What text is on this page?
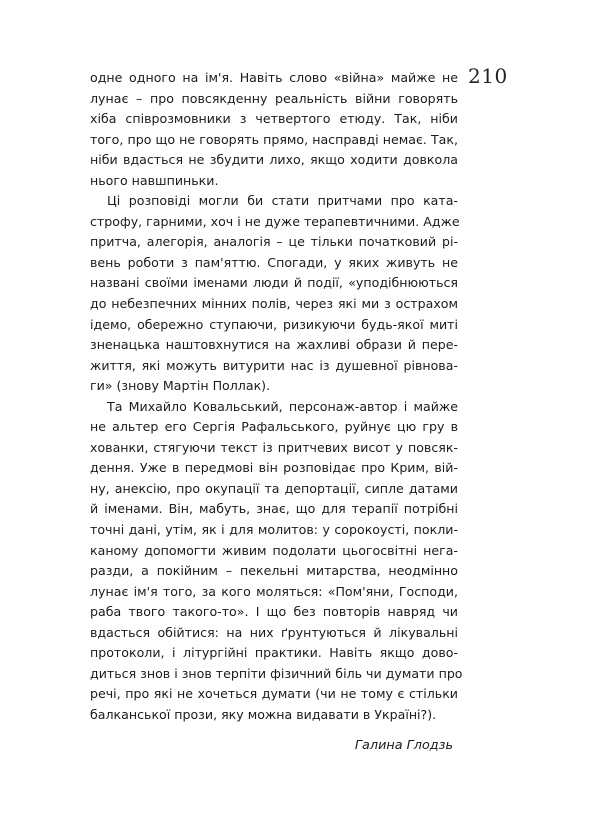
210
одне одного на ім'я. Навіть слово «війна» майже не
лунає – про повсякденну реальність війни говорять
хіба співрозмовники з четвертого етюду. Так, ніби
того, про що не говорять прямо, насправді немає. Так,
ніби вдасться не збудити лихо, якщо ходити довкола
нього навшпиньки.
Ці розповіді могли би стати притчами про ката-
строфу, гарними, хоч і не дуже терапевтичними. Адже
притча, алегорія, аналогія – це тільки початковий рі-
вень роботи з пам'яттю. Спогади, у яких живуть не
названі своїми іменами люди й події, «уподібнюються
до небезпечних мінних полів, через які ми з острахом
ідемо, обережно ступаючи, ризикуючи будь-якої миті
зненацька наштовхнутися на жахливі образи й пере-
життя, які можуть витурити нас із душевної рівнова-
ги» (знову Мартін Поллак).
Та Михайло Ковальський, персонаж-автор і майже
не альтер его Сергія Рафальського, руйнує цю гру в
хованки, стягуючи текст із притчевих висот у повсяк-
дення. Уже в передмові він розповідає про Крим, вій-
ну, анексію, про окупації та депортації, сипле датами
й іменами. Він, мабуть, знає, що для терапії потрібні
точні дані, утім, як і для молитов: у сорокоусті, покли-
каному допомогти живим подолати цьогосвітні нега-
разди, а покійним – пекельні митарства, неодмінно
лунає ім'я того, за кого моляться: «Пом'яни, Господи,
раба твого такого-то». І що без повторів навряд чи
вдасться обійтися: на них ґрунтуються й лікувальні
протоколи, і літургійні практики. Навіть якщо дово-
диться знов і знов терпіти фізичний біль чи думати про
речі, про які не хочеться думати (чи не тому є стільки
балканської прози, яку можна видавати в Україні?).
Галина Глодзь
